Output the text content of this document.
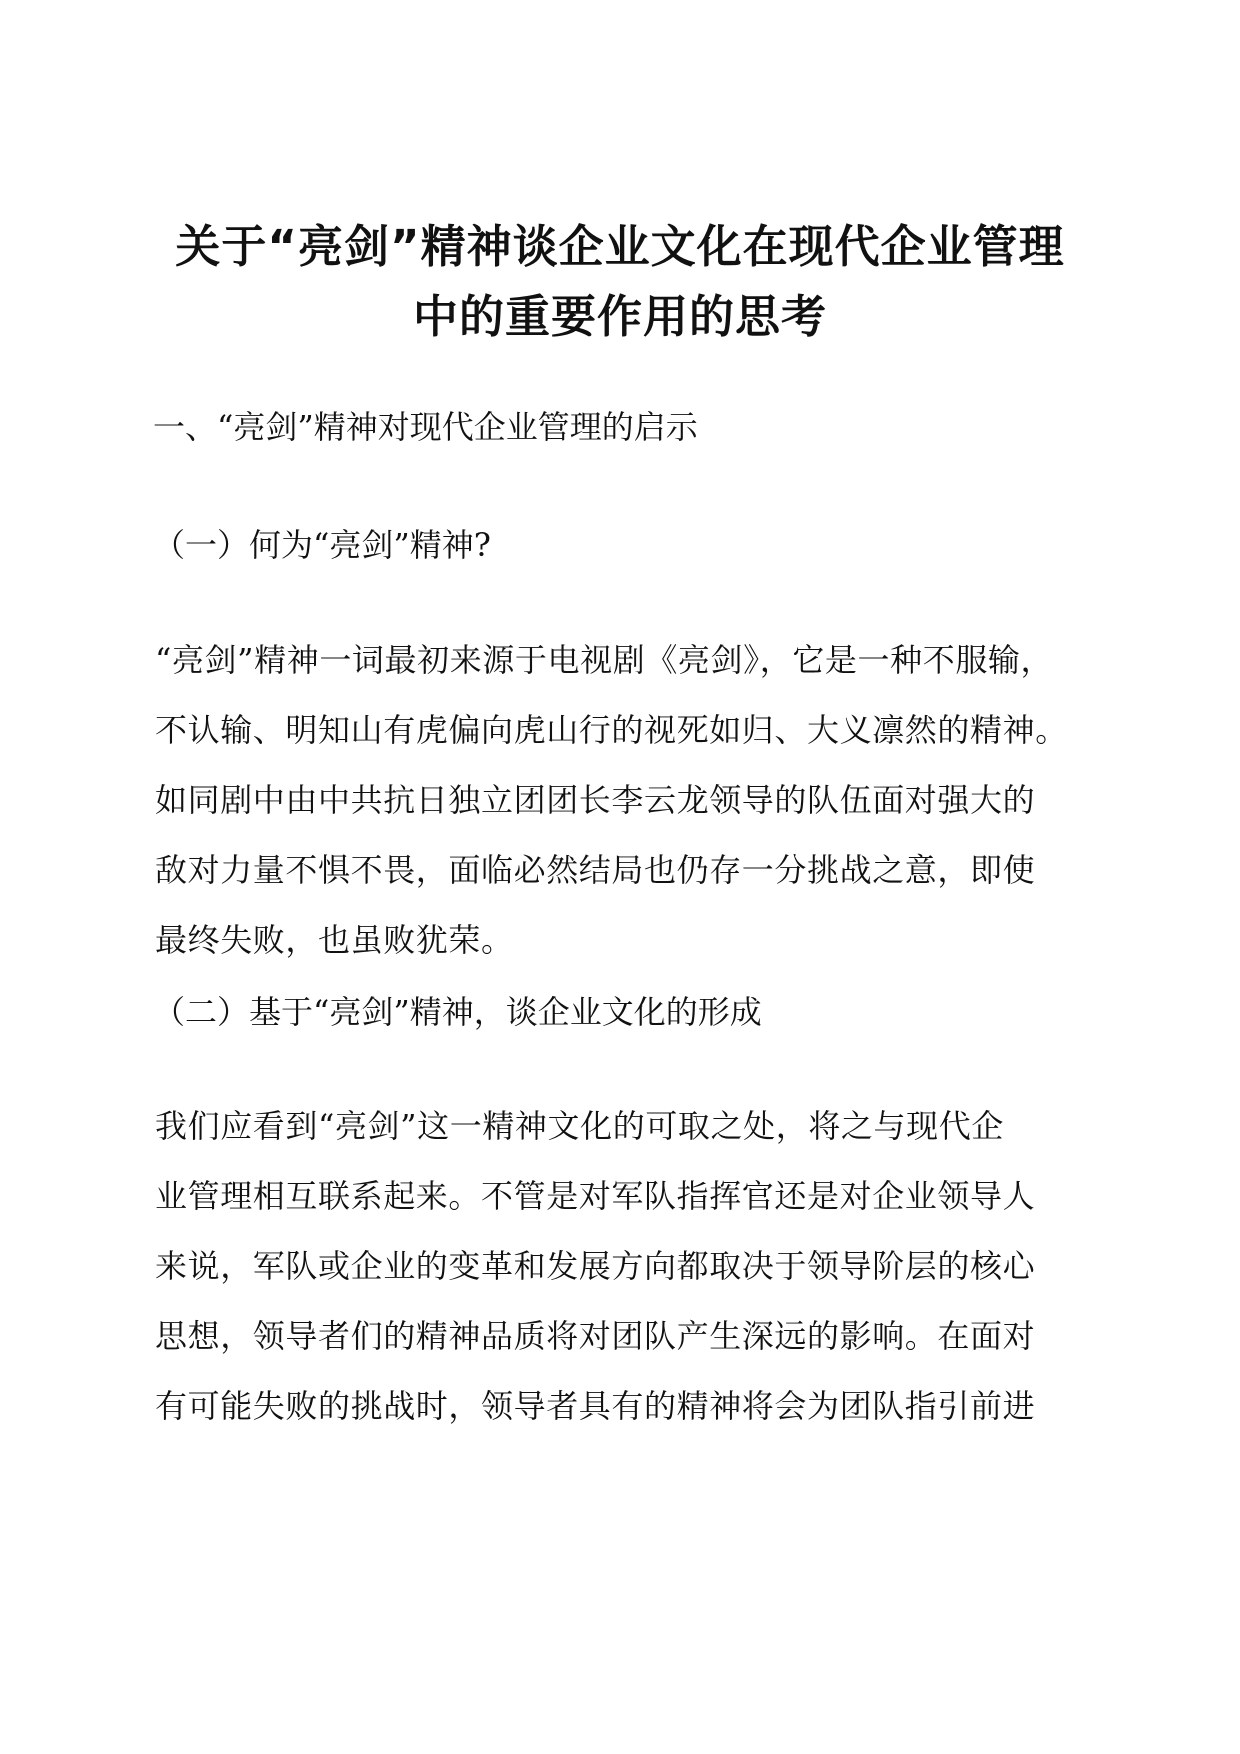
关于“亮剑”精神谈企业文化在现代企业管理
中的重要作用的思考
一、“亮剑”精神对现代企业管理的启示
（一）何为“亮剑”精神?

“亮剑”精神一词最初来源于电视剧《亮剑》，它是一种不服输，
不认输、明知山有虎偏向虎山行的视死如归、大义凛然的精神。
如同剧中由中共抗日独立团团长李云龙领导的队伍面对强大的
敌对力量不惧不畏，面临必然结局也仍存一分挑战之意，即使
最终失败，也虽败犹荣。

（二）基于“亮剑”精神，谈企业文化的形成

我们应看到“亮剑”这一精神文化的可取之处，将之与现代企
业管理相互联系起来。不管是对军队指挥官还是对企业领导人
来说，军队或企业的变革和发展方向都取决于领导阶层的核心
思想，领导者们的精神品质将对团队产生深远的影响。在面对
有可能失败的挑战时，领导者具有的精神将会为团队指引前进
